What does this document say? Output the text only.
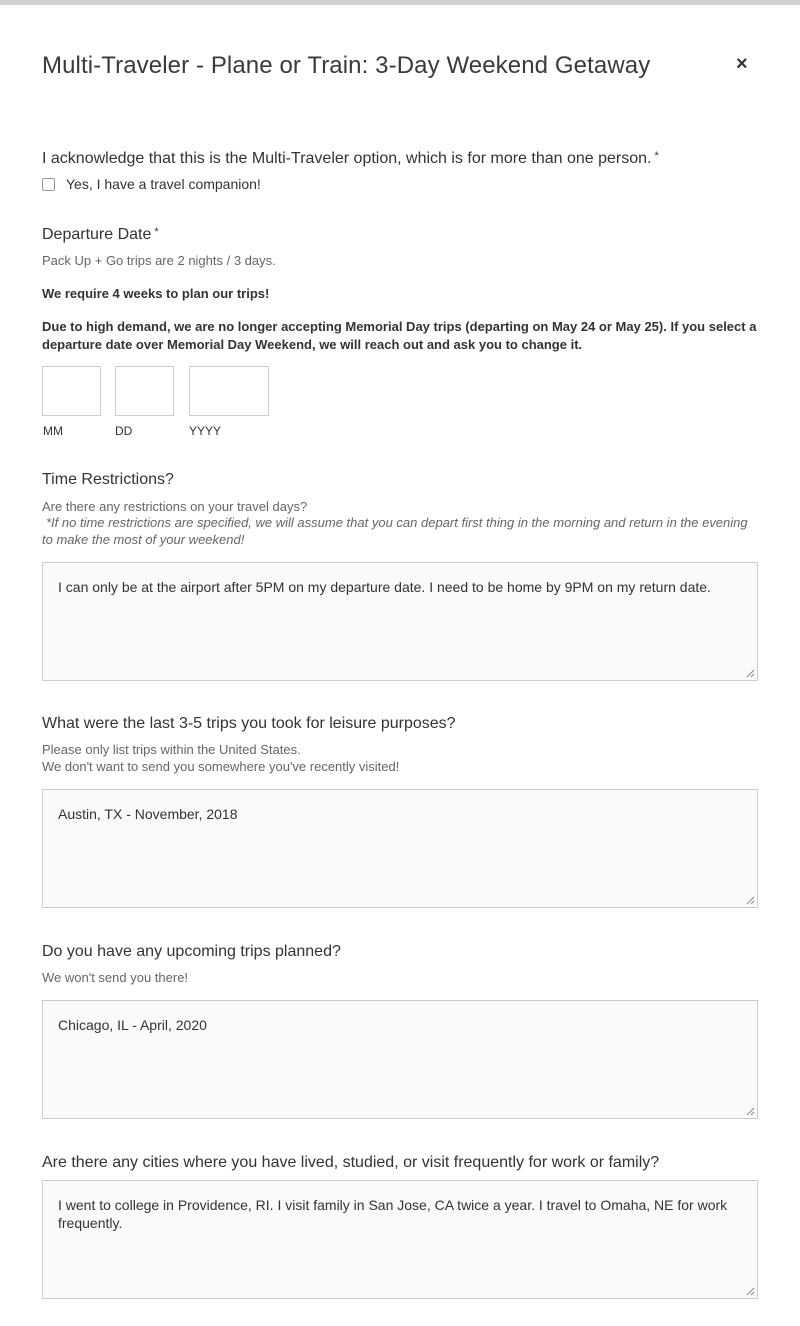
Multi-Traveler - Plane or Train: 3-Day Weekend Getaway	×
I acknowledge that this is the Multi-Traveler option, which is for more than one person. *
Yes, I have a travel companion!
Departure Date *
Pack Up + Go trips are 2 nights / 3 days.
We require 4 weeks to plan our trips!
Due to high demand, we are no longer accepting Memorial Day trips (departing on May 24 or May 25). If you select a departure date over Memorial Day Weekend, we will reach out and ask you to change it.
MM	DD	YYYY
Time Restrictions?
Are there any restrictions on your travel days?
*If no time restrictions are specified, we will assume that you can depart first thing in the morning and return in the evening to make the most of your weekend!
I can only be at the airport after 5PM on my departure date. I need to be home by 9PM on my return date.
What were the last 3-5 trips you took for leisure purposes?
Please only list trips within the United States.
We don't want to send you somewhere you've recently visited!
Austin, TX - November, 2018
Do you have any upcoming trips planned?
We won't send you there!
Chicago, IL - April, 2020
Are there any cities where you have lived, studied, or visit frequently for work or family?
I went to college in Providence, RI. I visit family in San Jose, CA twice a year. I travel to Omaha, NE for work frequently.
